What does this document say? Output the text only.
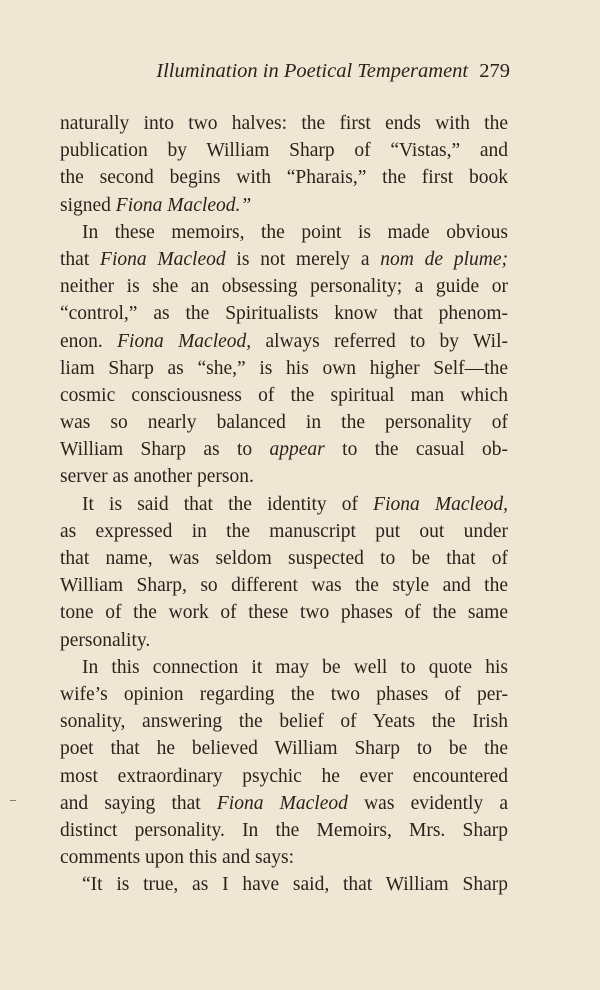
Illumination in Poetical Temperament 279
naturally into two halves: the first ends with the
publication by William Sharp of “Vistas,” and
the second begins with “Pharais,” the first book
signed Fiona Macleod.”
In these memoirs, the point is made obvious
that Fiona Macleod is not merely a nom de plume;
neither is she an obsessing personality; a guide or
“control,” as the Spiritualists know that phenom-
enon. Fiona Macleod, always referred to by Wil-
liam Sharp as “she,” is his own higher Self—the
cosmic consciousness of the spiritual man which
was so nearly balanced in the personality of
William Sharp as to appear to the casual ob-
server as another person.
It is said that the identity of Fiona Macleod,
as expressed in the manuscript put out under
that name, was seldom suspected to be that of
William Sharp, so different was the style and the
tone of the work of these two phases of the same
personality.
In this connection it may be well to quote his
wife’s opinion regarding the two phases of per-
sonality, answering the belief of Yeats the Irish
poet that he believed William Sharp to be the
most extraordinary psychic he ever encountered
and saying that Fiona Macleod was evidently a
distinct personality. In the Memoirs, Mrs. Sharp
comments upon this and says:
“It is true, as I have said, that William Sharp
